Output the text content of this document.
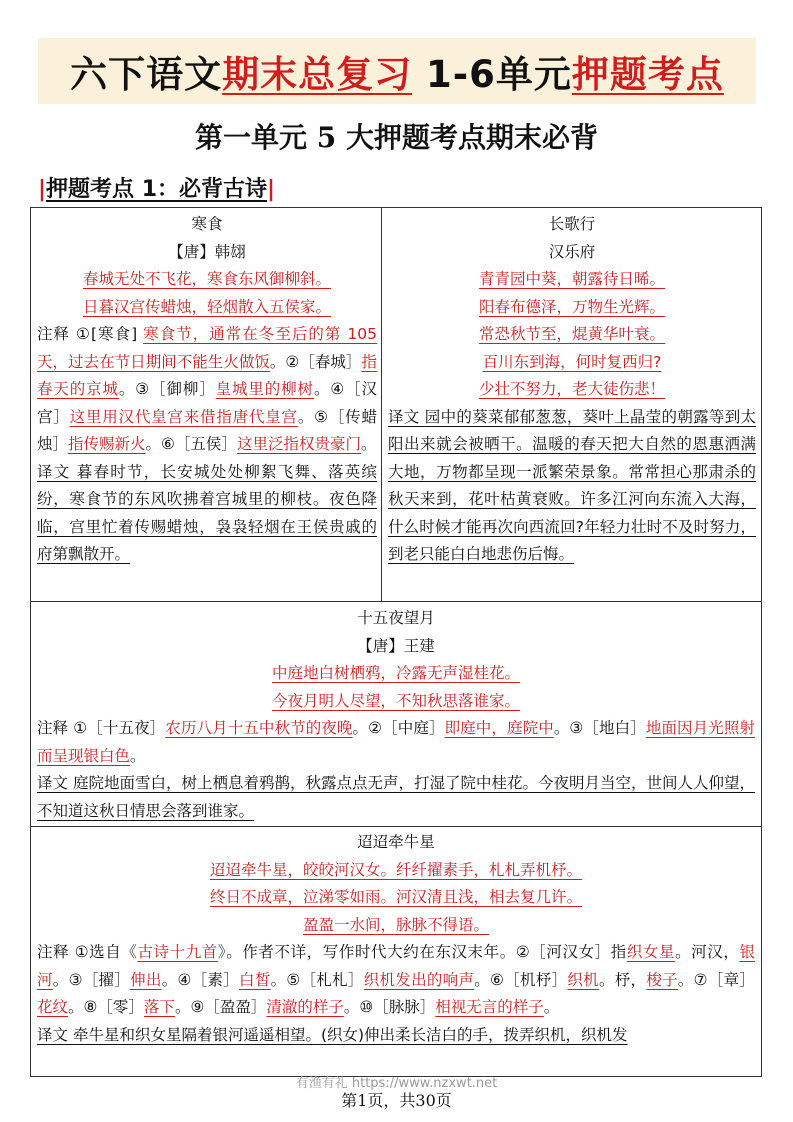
六下语文 期末总复习 1-6单元 押题考点
第一单元 5 大押题考点期末必背
|押题考点 1：必背古诗|
寒食
【唐】韩翃
春城无处不飞花，寒食东风御柳斜。
日暮汉宫传蜡烛，轻烟散入五侯家。
注释 ①[寒食] 寒食节，通常在冬至后的第 105 天，过去在节日期间不能生火做饭。②［春城］指春天的京城。③［御柳］皇城里的柳树。④［汉宫］这里用汉代皇宫来借指唐代皇宫。⑤［传蜡烛］指传赐新火。⑥［五侯］这里泛指权贵豪门。
译文 暮春时节，长安城处处柳絮飞舞、落英缤纷，寒食节的东风吹拂着宫城里的柳枝。夜色降临，宫里忙着传赐蜡烛，袅袅轻烟在王侯贵戚的府第飘散开。
长歌行
汉乐府
青青园中葵，朝露待日晞。
阳春布德泽，万物生光辉。
常恐秋节至，焜黄华叶衰。
百川东到海，何时复西归?
少壮不努力，老大徒伤悲！
译文 园中的葵菜郁郁葱葱，葵叶上晶莹的朝露等到太阳出来就会被晒干。温暖的春天把大自然的恩惠洒满大地，万物都呈现一派繁荣景象。常常担心那肃杀的秋天来到，花叶枯黄衰败。许多江河向东流入大海，什么时候才能再次向西流回?年轻力壮时不及时努力，到老只能白白地悲伤后悔。
十五夜望月
【唐】王建
中庭地白树栖鸦，冷露无声湿桂花。
今夜月明人尽望，不知秋思落谁家。
注释 ①［十五夜］农历八月十五中秋节的夜晚。②［中庭］即庭中，庭院中。③［地白］地面因月光照射而呈现银白色。
译文 庭院地面雪白，树上栖息着鸦鹊，秋露点点无声，打湿了院中桂花。今夜明月当空，世间人人仰望，不知道这秋日情思会落到谁家。
迢迢牵牛星
迢迢牵牛星，皎皎河汉女。纤纤擢素手，札札弄机杼。
终日不成章，泣涕零如雨。河汉清且浅，相去复几许。
盈盈一水间，脉脉不得语。
注释 ①选自《古诗十九首》。作者不详，写作时代大约在东汉末年。②［河汉女］指织女星。河汉，银河。③［擢］伸出。④［素］白皙。⑤［札札］织机发出的响声。⑥［机杼］织机。杼，梭子。⑦［章］花纹。⑧［零］落下。⑨［盈盈］清澈的样子。⑩［脉脉］相视无言的样子。
译文 牵牛星和织女星隔着银河遥遥相望。(织女)伸出柔长洁白的手，拨弄织机，织机发
有渔有礼 https://www.nzxwt.net
第1页，共30页
